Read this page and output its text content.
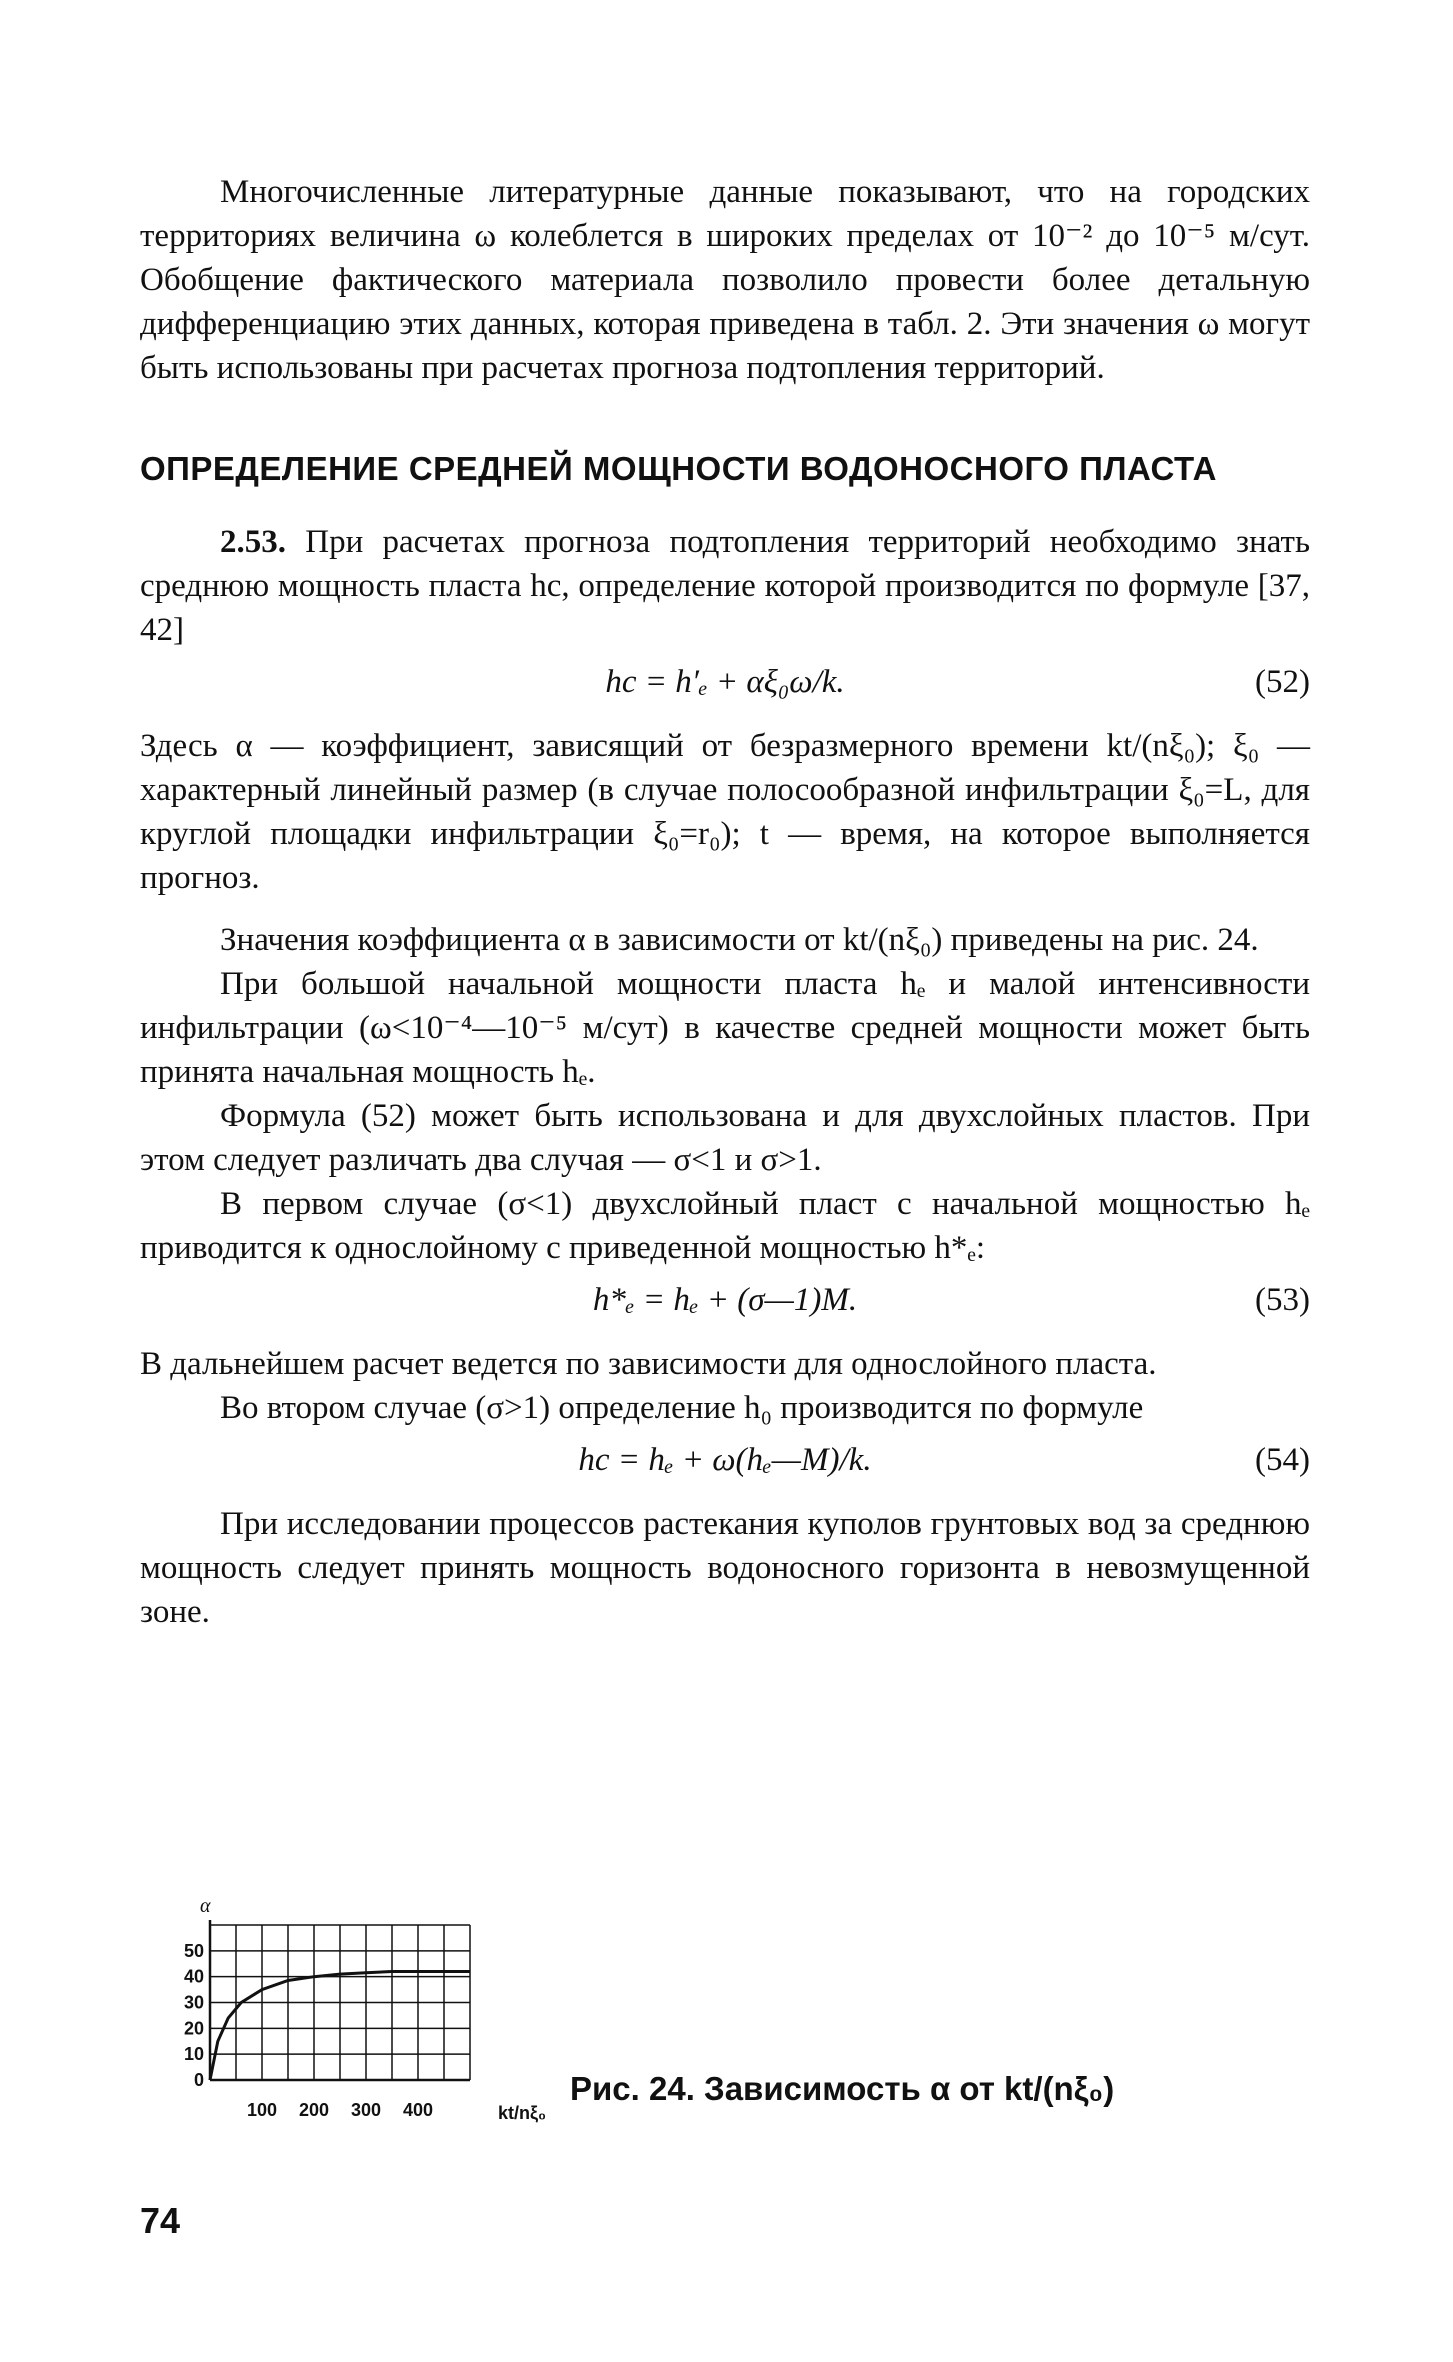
Многочисленные литературные данные показывают, что на городских территориях величина ω колеблется в широких пределах от 10⁻² до 10⁻⁵ м/сут. Обобщение фактического материала позволило провести более детальную дифференциацию этих данных, которая приведена в табл. 2. Эти значения ω могут быть использованы при расчетах прогноза подтопления территорий.

ОПРЕДЕЛЕНИЕ СРЕДНЕЙ МОЩНОСТИ ВОДОНОСНОГО ПЛАСТА

2.53. При расчетах прогноза подтопления территорий необходимо знать среднюю мощность пласта hc, определение которой производится по формуле [37, 42]

hc = h′ₑ + αξ₀ω/k.	(52)

Здесь α — коэффициент, зависящий от безразмерного времени kt/(nξ₀); ξ₀ — характерный линейный размер (в случае полосообразной инфильтрации ξ₀=L, для круглой площадки инфильтрации ξ₀=r₀); t — время, на которое выполняется прогноз.

Значения коэффициента α в зависимости от kt/(nξ₀) приведены на рис. 24.

При большой начальной мощности пласта hₑ и малой интенсивности инфильтрации (ω<10⁻⁴—10⁻⁵ м/сут) в качестве средней мощности может быть принята начальная мощность hₑ.

Формула (52) может быть использована и для двухслойных пластов. При этом следует различать два случая — σ<1 и σ>1.

В первом случае (σ<1) двухслойный пласт с начальной мощностью hₑ приводится к однослойному с приведенной мощностью h*ₑ:

h*ₑ = hₑ + (σ—1)M.	(53)

В дальнейшем расчет ведется по зависимости для однослойного пласта.

Во втором случае (σ>1) определение h₀ производится по формуле

hc = hₑ + ω(hₑ—M)/k.	(54)

При исследовании процессов растекания куполов грунтовых вод за среднюю мощность следует принять мощность водоносного горизонта в невозмущенной зоне.

0
10
20
30
40
50
100 200 300 400
α
kt/nξ₀
Рис. 24. Зависимость α от kt/(nξ₀)
74
